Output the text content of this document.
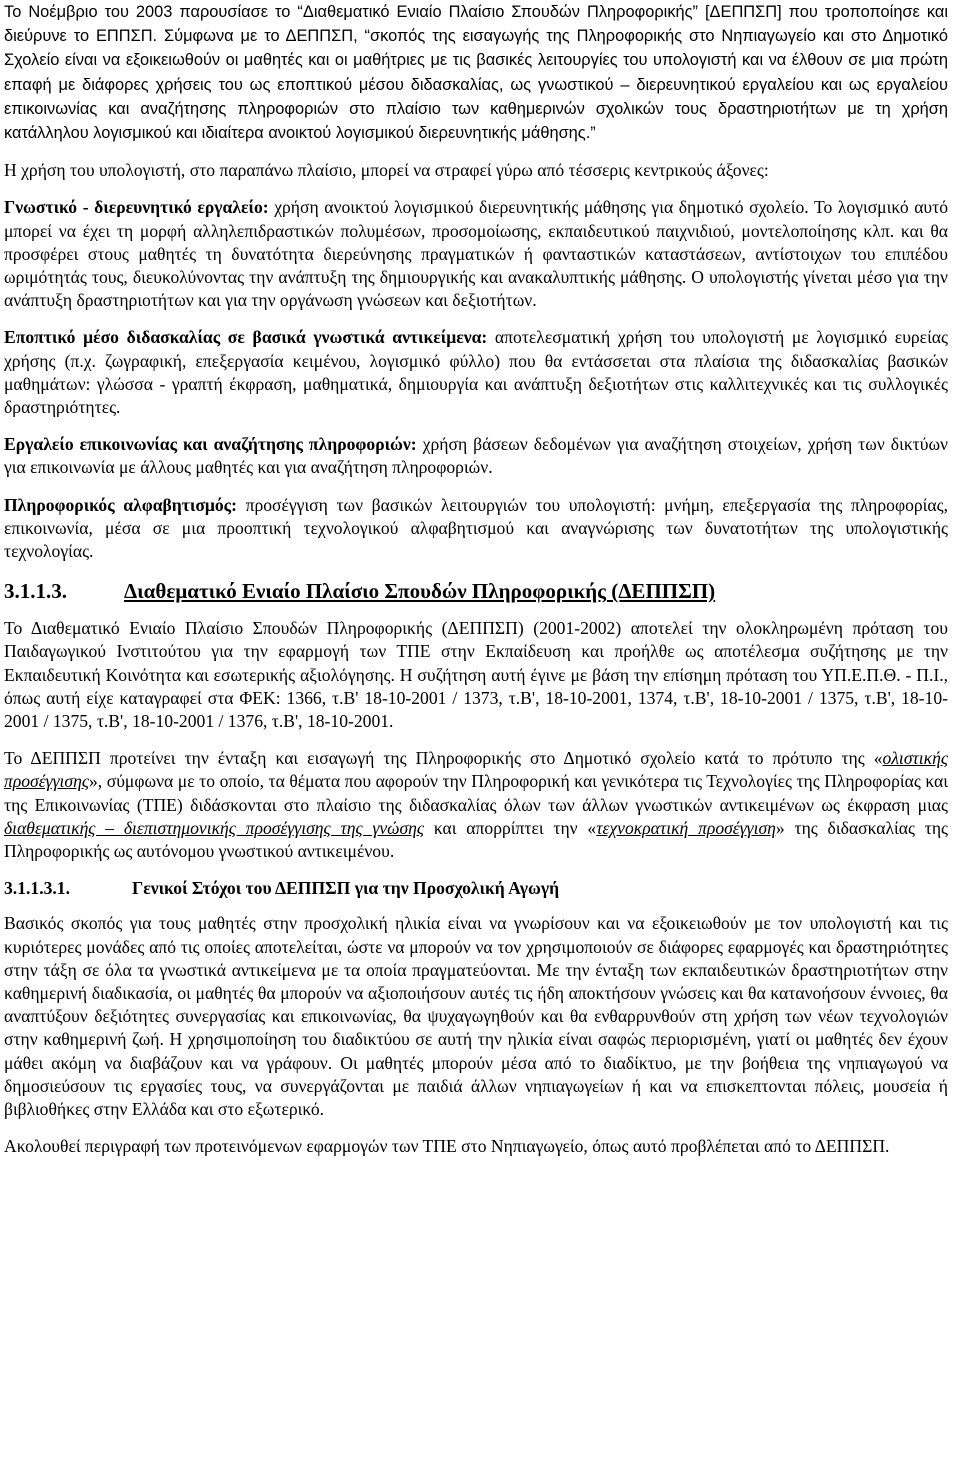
Το Νοέμβριο του 2003 παρουσίασε το “Διαθεματικό Ενιαίο Πλαίσιο Σπουδών Πληροφορικής” [ΔΕΠΠΣΠ] που τροποποίησε και διεύρυνε το ΕΠΠΣΠ. Σύμφωνα με το ΔΕΠΠΣΠ, “σκοπός της εισαγωγής της Πληροφορικής στο Νηπιαγωγείο και στο Δημοτικό Σχολείο είναι να εξοικειωθούν οι μαθητές και οι μαθήτριες με τις βασικές λειτουργίες του υπολογιστή και να έλθουν σε μια πρώτη επαφή με διάφορες χρήσεις του ως εποπτικού μέσου διδασκαλίας, ως γνωστικού – διερευνητικού εργαλείου και ως εργαλείου επικοινωνίας και αναζήτησης πληροφοριών στο πλαίσιο των καθημερινών σχολικών τους δραστηριοτήτων με τη χρήση κατάλληλου λογισμικού και ιδιαίτερα ανοικτού λογισμικού διερευνητικής μάθησης.”

Η χρήση του υπολογιστή, στο παραπάνω πλαίσιο, μπορεί να στραφεί γύρω από τέσσερις κεντρικούς άξονες:

Γνωστικό - διερευνητικό εργαλείο: χρήση ανοικτού λογισμικού διερευνητικής μάθησης για δημοτικό σχολείο. Το λογισμικό αυτό μπορεί να έχει τη μορφή αλληλεπιδραστικών πολυμέσων, προσομοίωσης, εκπαιδευτικού παιχνιδιού, μοντελοποίησης κλπ. και θα προσφέρει στους μαθητές τη δυνατότητα διερεύνησης πραγματικών ή φανταστικών καταστάσεων, αντίστοιχων του επιπέδου ωριμότητάς τους, διευκολύνοντας την ανάπτυξη της δημιουργικής και ανακαλυπτικής μάθησης. Ο υπολογιστής γίνεται μέσο για την ανάπτυξη δραστηριοτήτων και για την οργάνωση γνώσεων και δεξιοτήτων.

Εποπτικό μέσο διδασκαλίας σε βασικά γνωστικά αντικείμενα: αποτελεσματική χρήση του υπολογιστή με λογισμικό ευρείας χρήσης (π.χ. ζωγραφική, επεξεργασία κειμένου, λογισμικό φύλλο) που θα εντάσσεται στα πλαίσια της διδασκαλίας βασικών μαθημάτων: γλώσσα - γραπτή έκφραση, μαθηματικά, δημιουργία και ανάπτυξη δεξιοτήτων στις καλλιτεχνικές και τις συλλογικές δραστηριότητες.

Εργαλείο επικοινωνίας και αναζήτησης πληροφοριών: χρήση βάσεων δεδομένων για αναζήτηση στοιχείων, χρήση των δικτύων για επικοινωνία με άλλους μαθητές και για αναζήτηση πληροφοριών.

Πληροφορικός αλφαβητισμός: προσέγγιση των βασικών λειτουργιών του υπολογιστή: μνήμη, επεξεργασία της πληροφορίας, επικοινωνία, μέσα σε μια προοπτική τεχνολογικού αλφαβητισμού και αναγνώρισης των δυνατοτήτων της υπολογιστικής τεχνολογίας.

3.1.1.3.	Διαθεματικό Ενιαίο Πλαίσιο Σπουδών Πληροφορικής (ΔΕΠΠΣΠ)

Το Διαθεματικό Ενιαίο Πλαίσιο Σπουδών Πληροφορικής (ΔΕΠΠΣΠ) (2001-2002) αποτελεί την ολοκληρωμένη πρόταση του Παιδαγωγικού Ινστιτούτου για την εφαρμογή των ΤΠΕ στην Εκπαίδευση και προήλθε ως αποτέλεσμα συζήτησης με την Εκπαιδευτική Κοινότητα και εσωτερικής αξιολόγησης. Η συζήτηση αυτή έγινε με βάση την επίσημη πρόταση του ΥΠ.Ε.Π.Θ. - Π.Ι., όπως αυτή είχε καταγραφεί στα ΦΕΚ: 1366, τ.Β' 18-10-2001 / 1373, τ.Β', 18-10-2001, 1374, τ.Β', 18-10-2001 / 1375, τ.Β', 18-10-2001 / 1375, τ.Β', 18-10-2001 / 1376, τ.Β', 18-10-2001.

Το ΔΕΠΠΣΠ προτείνει την ένταξη και εισαγωγή της Πληροφορικής στο Δημοτικό σχολείο κατά το πρότυπο της «ολιστικής προσέγγισης», σύμφωνα με το οποίο, τα θέματα που αφορούν την Πληροφορική και γενικότερα τις Τεχνολογίες της Πληροφορίας και της Επικοινωνίας (ΤΠΕ) διδάσκονται στο πλαίσιο της διδασκαλίας όλων των άλλων γνωστικών αντικειμένων ως έκφραση μιας διαθεματικής – διεπιστημονικής προσέγγισης της γνώσης και απορρίπτει την «τεχνοκρατική προσέγγιση» της διδασκαλίας της Πληροφορικής ως αυτόνομου γνωστικού αντικειμένου.

3.1.1.3.1.	Γενικοί Στόχοι του ΔΕΠΠΣΠ για την Προσχολική Αγωγή

Βασικός σκοπός για τους μαθητές στην προσχολική ηλικία είναι να γνωρίσουν και να εξοικειωθούν με τον υπολογιστή και τις κυριότερες μονάδες από τις οποίες αποτελείται, ώστε να μπορούν να τον χρησιμοποιούν σε διάφορες εφαρμογές και δραστηριότητες στην τάξη σε όλα τα γνωστικά αντικείμενα με τα οποία πραγματεύονται. Με την ένταξη των εκπαιδευτικών δραστηριοτήτων στην καθημερινή διαδικασία, οι μαθητές θα μπορούν να αξιοποιήσουν αυτές τις ήδη αποκτήσουν γνώσεις και θα κατανοήσουν έννοιες, θα αναπτύξουν δεξιότητες συνεργασίας και επικοινωνίας, θα ψυχαγωγηθούν και θα ενθαρρυνθούν στη χρήση των νέων τεχνολογιών στην καθημερινή ζωή. Η χρησιμοποίηση του διαδικτύου σε αυτή την ηλικία είναι σαφώς περιορισμένη, γιατί οι μαθητές δεν έχουν μάθει ακόμη να διαβάζουν και να γράφουν. Οι μαθητές μπορούν μέσα από το διαδίκτυο, με την βοήθεια της νηπιαγωγού να δημοσιεύσουν τις εργασίες τους, να συνεργάζονται με παιδιά άλλων νηπιαγωγείων ή και να επισκεπτονται πόλεις, μουσεία ή βιβλιοθήκες στην Ελλάδα και στο εξωτερικό.

Ακολουθεί περιγραφή των προτεινόμενων εφαρμογών των ΤΠΕ στο Νηπιαγωγείο, όπως αυτό προβλέπεται από το ΔΕΠΠΣΠ.
